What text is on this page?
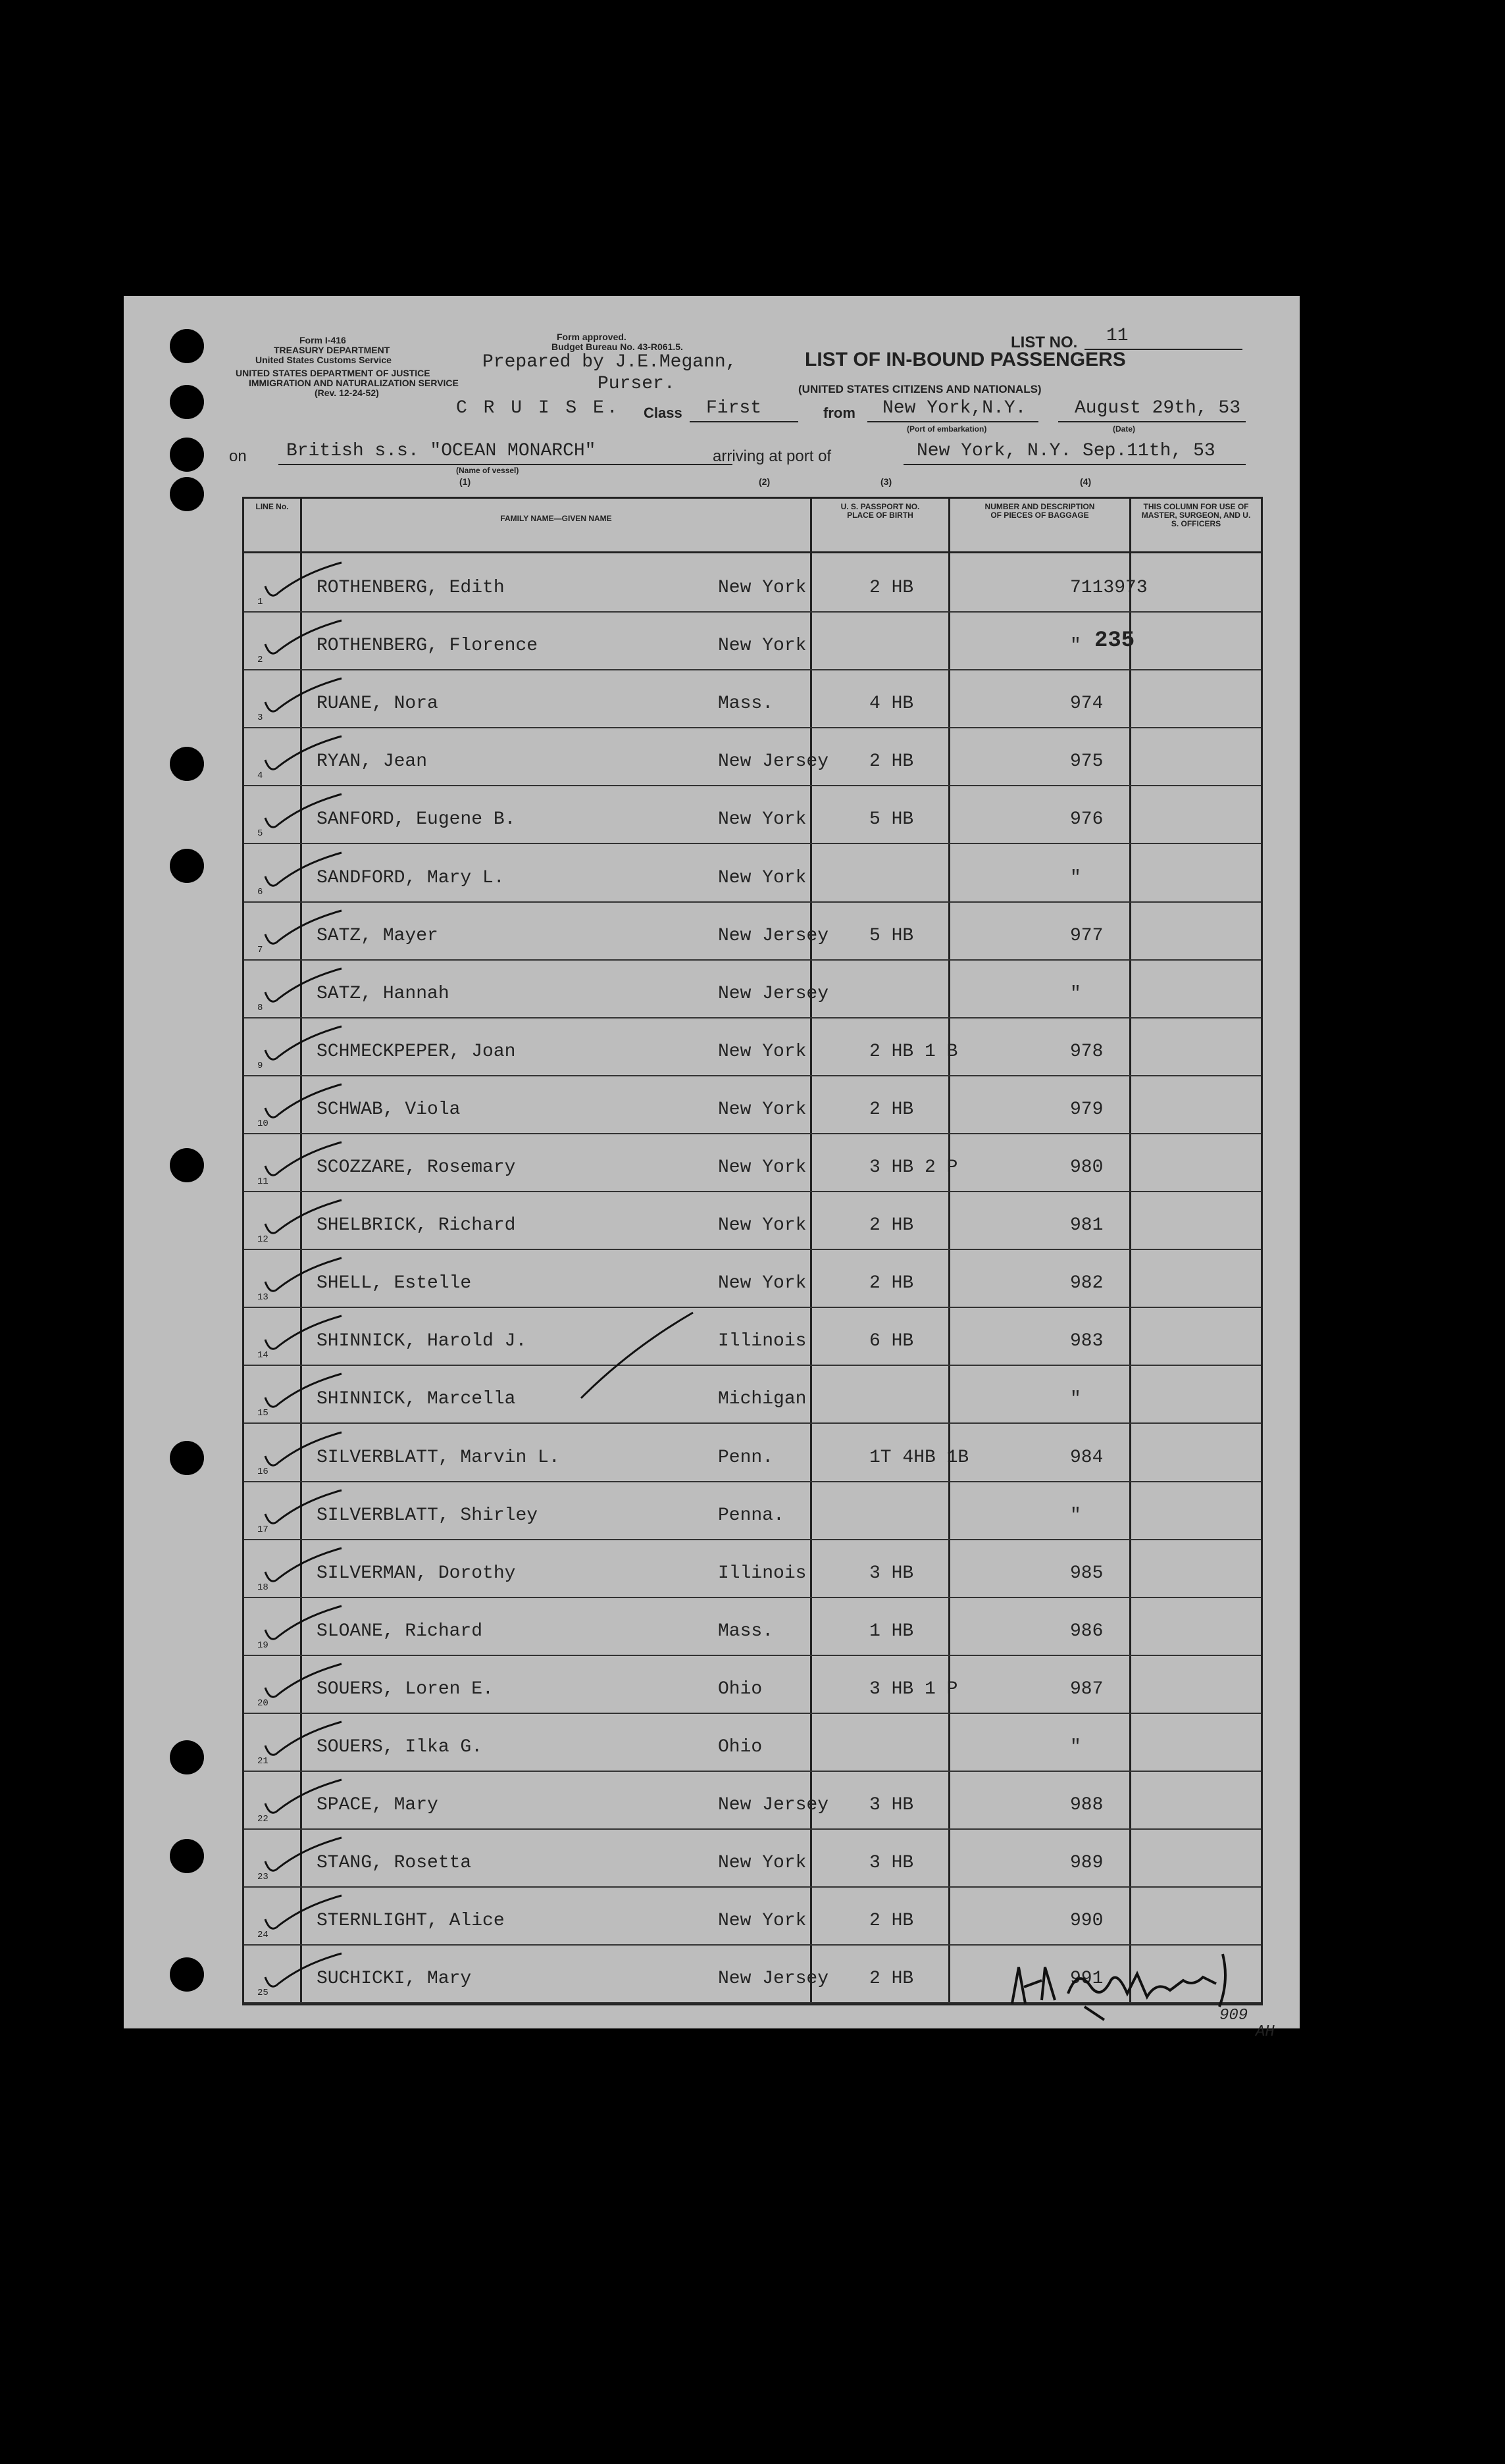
Form I-416
TREASURY DEPARTMENT
United States Customs Service
UNITED STATES DEPARTMENT OF JUSTICE
IMMIGRATION AND NATURALIZATION SERVICE
(Rev. 12-24-52)
Form approved.
Budget Bureau No. 43-R061.5.
Prepared by J.E.Megann,
Purser.
LIST OF IN-BOUND PASSENGERS
(UNITED STATES CITIZENS AND NATIONALS)
LIST NO. 11
C R U I S E. Class First	from New York,N.Y.
(Port of embarkation)
August 29th, 53
(Date)
on British s.s. "OCEAN MONARCH"
(Name of vessel)
arriving at port of	New York, N.Y. Sep.11th, 53
(1)	(2)	(3)	(4)
LINE No.
FAMILY NAME—GIVEN NAME
U. S. PASSPORT NO. PLACE OF BIRTH
NUMBER AND DESCRIPTION OF PIECES OF BAGGAGE
THIS COLUMN FOR USE OF MASTER, SURGEON, AND U. S. OFFICERS
1
ROTHENBERG, Edith	New York	2 HB	7113973
2
ROTHENBERG, Florence	New York	"
3
RUANE, Nora	Mass.	4 HB	974
4
RYAN, Jean	New Jersey 2 HB	975
5
SANFORD, Eugene B.	New York	5 HB	976
6
SANDFORD, Mary L.	New York	"
7
SATZ, Mayer	New Jersey 5 HB	977
8
SATZ, Hannah	New Jersey	"
9
SCHMECKPEPER, Joan	New York	2 HB 1 B	978
10
SCHWAB, Viola	New York	2 HB	979
11
SCOZZARE, Rosemary	New York	3 HB 2 P	980
12
SHELBRICK, Richard	New York	2 HB	981
13
SHELL, Estelle	New York	2 HB	982
14
SHINNICK, Harold J.	Illinois	6 HB	983
15
SHINNICK, Marcella	Michigan	"
16
SILVERBLATT, Marvin L.	Penn.	1T 4HB 1B	984
17
SILVERBLATT, Shirley	Penna.	"
18
SILVERMAN, Dorothy	Illinois	3 HB	985
19
SLOANE, Richard	Mass.	1 HB	986
20
SOUERS, Loren E.	Ohio	3 HB 1 P	987
21
SOUERS, Ilka G.	Ohio	"
22
SPACE, Mary	New Jersey 3 HB	988
23
STANG, Rosetta	New York	3 HB	989
24
STERNLIGHT, Alice	New York	2 HB	990
25
SUCHICKI, Mary	New Jersey 2 HB	991
235
909
AH
